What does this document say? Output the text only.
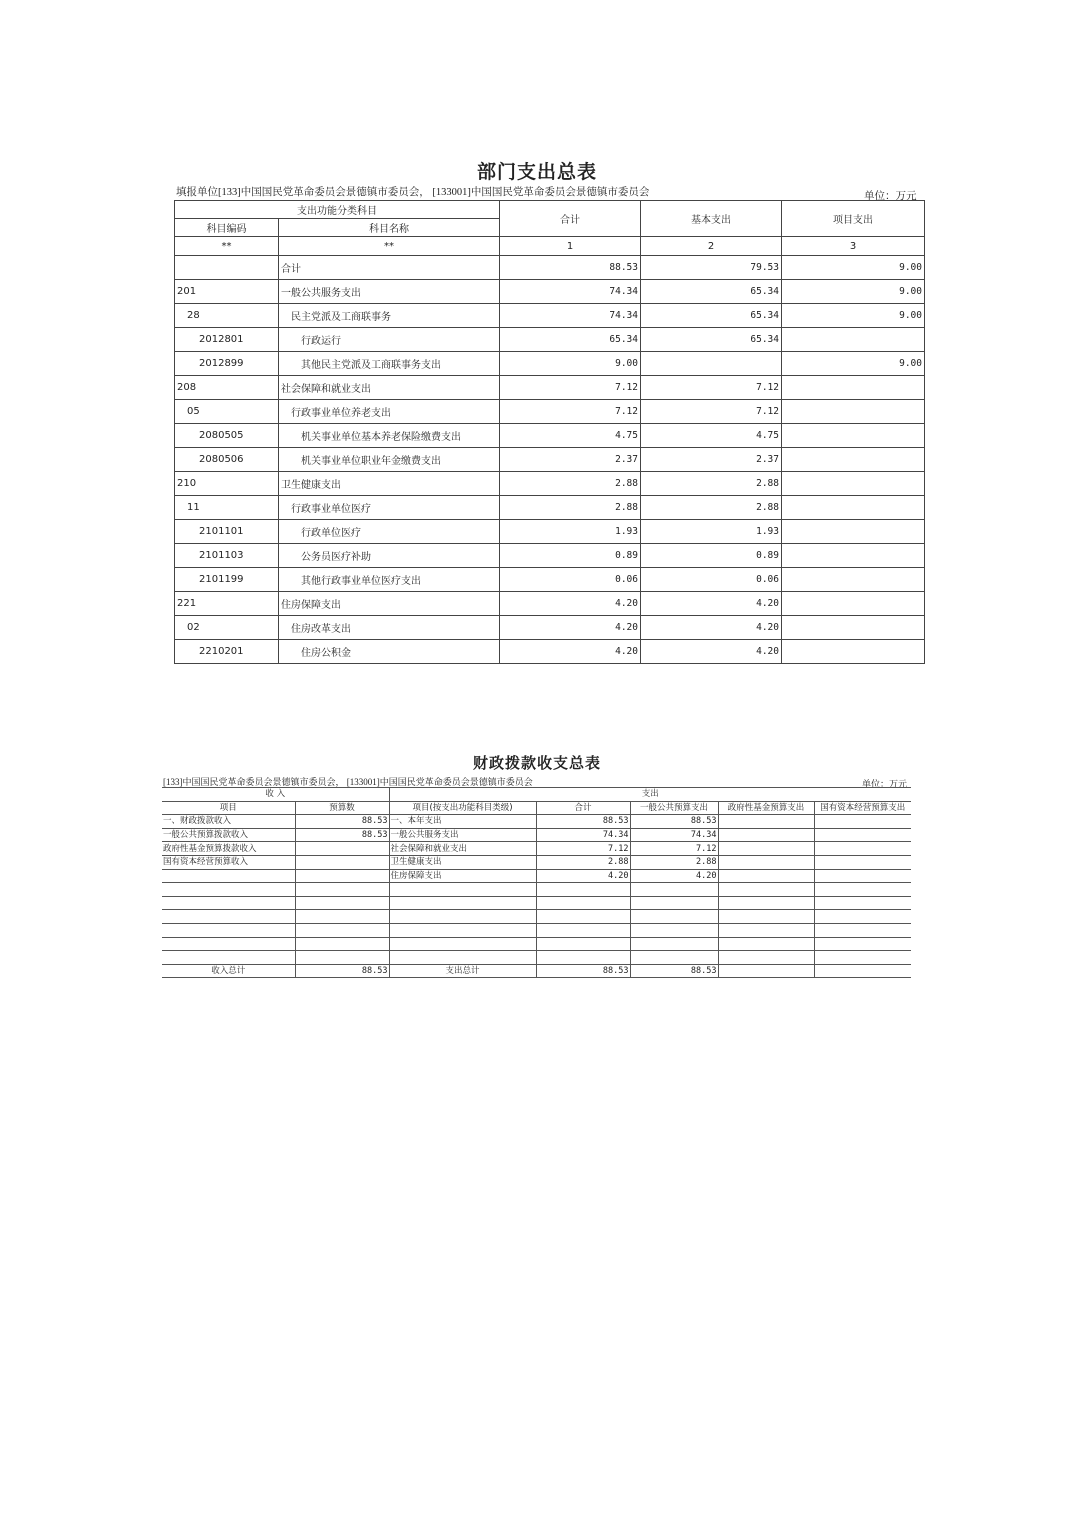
部门支出总表
填报单位[133]中国国民党革命委员会景德镇市委员会， [133001]中国国民党革命委员会景德镇市委员会	单位：万元
支出功能分类科目		合计	基本支出	项目支出
科目编码	科目名称			
**	**	1	2	3
	合计	88.53	79.53	9.00
201	一般公共服务支出	74.34	65.34	9.00
28	民主党派及工商联事务	74.34	65.34	9.00
2012801	行政运行	65.34	65.34	
2012899	其他民主党派及工商联事务支出	9.00		9.00
208	社会保障和就业支出	7.12	7.12	
05	行政事业单位养老支出	7.12	7.12	
2080505	机关事业单位基本养老保险缴费支出	4.75	4.75	
2080506	机关事业单位职业年金缴费支出	2.37	2.37	
210	卫生健康支出	2.88	2.88	
11	行政事业单位医疗	2.88	2.88	
2101101	行政单位医疗	1.93	1.93	
2101103	公务员医疗补助	0.89	0.89	
2101199	其他行政事业单位医疗支出	0.06	0.06	
221	住房保障支出	4.20	4.20	
02	住房改革支出	4.20	4.20	
2210201	住房公积金	4.20	4.20	
财政拨款收支总表
[133]中国国民党革命委员会景德镇市委员会， [133001]中国国民党革命委员会景德镇市委员会	单位：万元
收 入		支出				
项目	预算数	项目(按支出功能科目类级)	合计	一般公共预算支出	政府性基金预算支出	国有资本经营预算支出
一、财政拨款收入	88.53	一、本年支出	88.53	88.53		
一般公共预算拨款收入	88.53	一般公共服务支出	74.34	74.34		
政府性基金预算拨款收入		社会保障和就业支出	7.12	7.12		
国有资本经营预算收入		卫生健康支出	2.88	2.88		
		住房保障支出	4.20	4.20		

收入总计	88.53	支出总计	88.53	88.53		
